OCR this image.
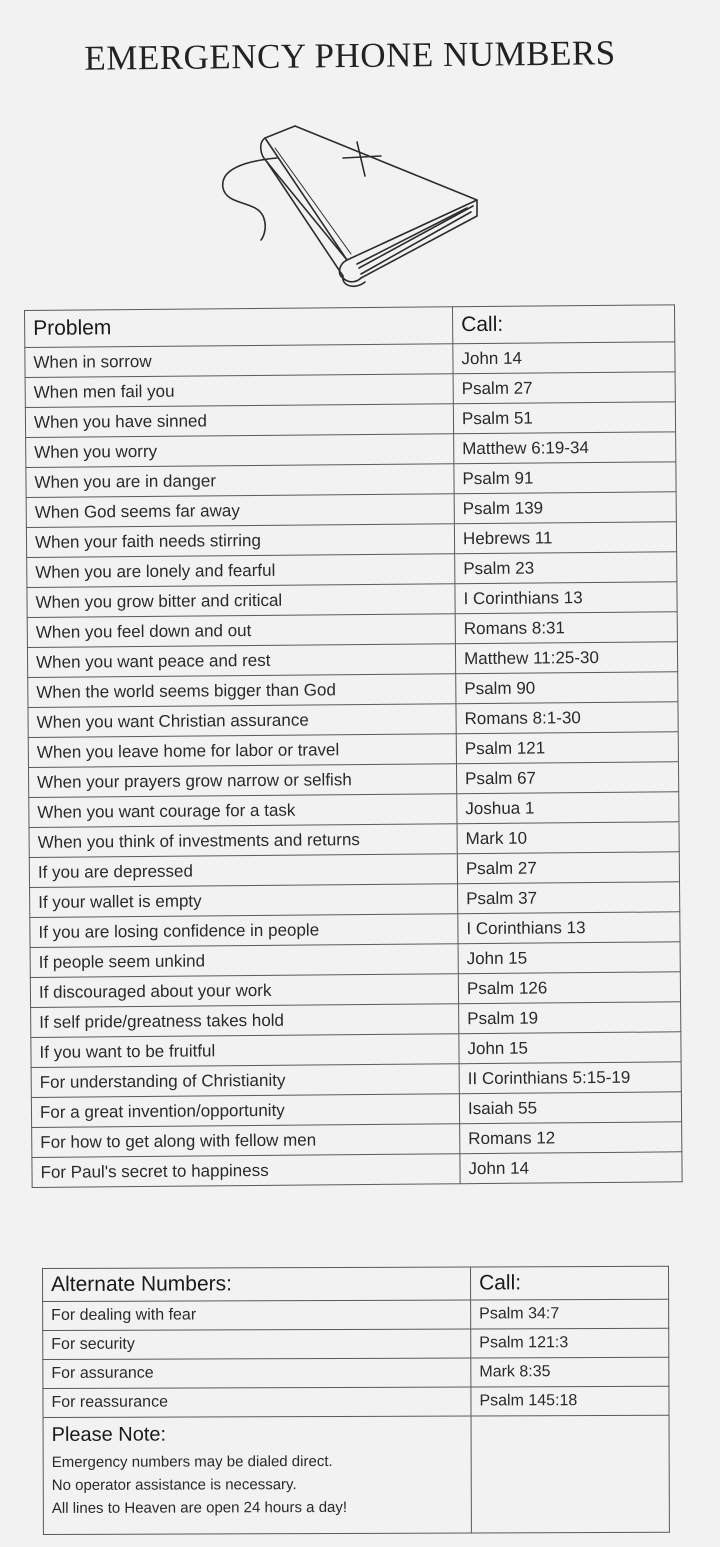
EMERGENCY PHONE NUMBERS
Problem	Call:
When in sorrow	John 14
When men fail you	Psalm 27
When you have sinned	Psalm 51
When you worry	Matthew 6:19-34
When you are in danger	Psalm 91
When God seems far away	Psalm 139
When your faith needs stirring	Hebrews 11
When you are lonely and fearful	Psalm 23
When you grow bitter and critical	I Corinthians 13
When you feel down and out	Romans 8:31
When you want peace and rest	Matthew 11:25-30
When the world seems bigger than God	Psalm 90
When you want Christian assurance	Romans 8:1-30
When you leave home for labor or travel	Psalm 121
When your prayers grow narrow or selfish	Psalm 67
When you want courage for a task	Joshua 1
When you think of investments and returns	Mark 10
If you are depressed	Psalm 27
If your wallet is empty	Psalm 37
If you are losing confidence in people	I Corinthians 13
If people seem unkind	John 15
If discouraged about your work	Psalm 126
If self pride/greatness takes hold	Psalm 19
If you want to be fruitful	John 15
For understanding of Christianity	II Corinthians 5:15-19
For a great invention/opportunity	Isaiah 55
For how to get along with fellow men	Romans 12
For Paul's secret to happiness	John 14
Alternate Numbers:	Call:
For dealing with fear	Psalm 34:7
For security	Psalm 121:3
For assurance	Mark 8:35
For reassurance	Psalm 145:18

Please Note:
Emergency numbers may be dialed direct.
No operator assistance is necessary.
All lines to Heaven are open 24 hours a day!	
